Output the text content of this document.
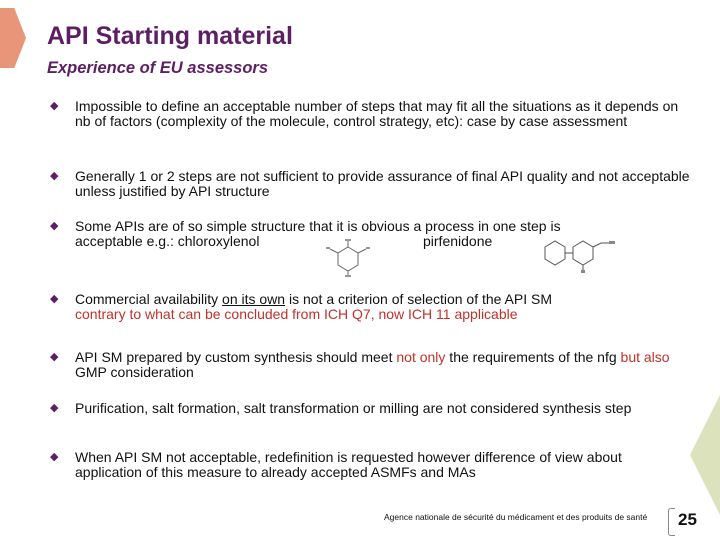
API Starting material
Experience of EU assessors
◆ Impossible to define an acceptable number of steps that may fit all the situations as it depends on nb of factors (complexity of the molecule, control strategy, etc): case by case assessment
◆ Generally 1 or 2 steps are not sufficient to provide assurance of final API quality and not acceptable unless justified by API structure
◆ Some APIs are of so simple structure that it is obvious a process in one step is
acceptable e.g.: chloroxylenol	pirfenidone
◆ Commercial availability on its own is not a criterion of selection of the API SM
contrary to what can be concluded from ICH Q7, now ICH 11 applicable
◆ API SM prepared by custom synthesis should meet not only the requirements of the nfg but also GMP consideration
◆ Purification, salt formation, salt transformation or milling are not considered synthesis step
◆ When API SM not acceptable, redefinition is requested however difference of view about application of this measure to already accepted ASMFs and MAs
Agence nationale de sécurité du médicament et des produits de santé 25
